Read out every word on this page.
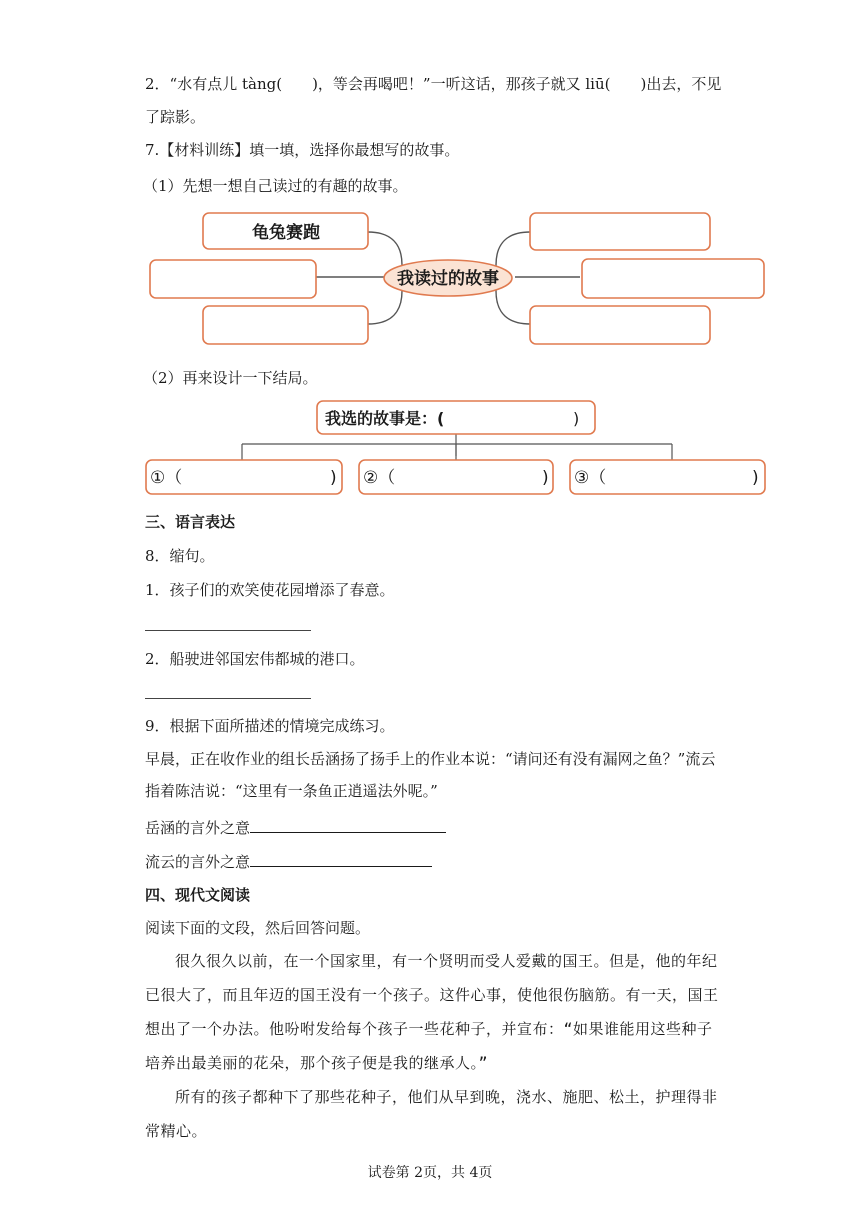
2．“水有点儿 tàng(　　)，等会再喝吧！”一听这话，那孩子就又 liū(　　)出去，不见
了踪影。
7.【材料训练】填一填，选择你最想写的故事。
（1）先想一想自己读过的有趣的故事。
我读过的故事
龟兔赛跑
（2）再来设计一下结局。
我选的故事是：(	)
①（	) ②（	) ③（	)
三、语言表达
8．缩句。
1．孩子们的欢笑使花园增添了春意。
2．船驶进邻国宏伟都城的港口。
9．根据下面所描述的情境完成练习。
早晨，正在收作业的组长岳涵扬了扬手上的作业本说：“请问还有没有漏网之鱼？”流云指着陈洁说：“这里有一条鱼正逍遥法外呢。”
岳涵的言外之意
流云的言外之意
四、现代文阅读
阅读下面的文段，然后回答问题。
很久很久以前，在一个国家里，有一个贤明而受人爱戴的国王。但是，他的年纪已很大了，而且年迈的国王没有一个孩子。这件心事，使他很伤脑筋。有一天，国王想出了一个办法。他吩咐发给每个孩子一些花种子，并宣布：“如果谁能用这些种子培养出最美丽的花朵，那个孩子便是我的继承人。”
所有的孩子都种下了那些花种子，他们从早到晚，浇水、施肥、松土，护理得非常精心。
试卷第 2页，共 4页
